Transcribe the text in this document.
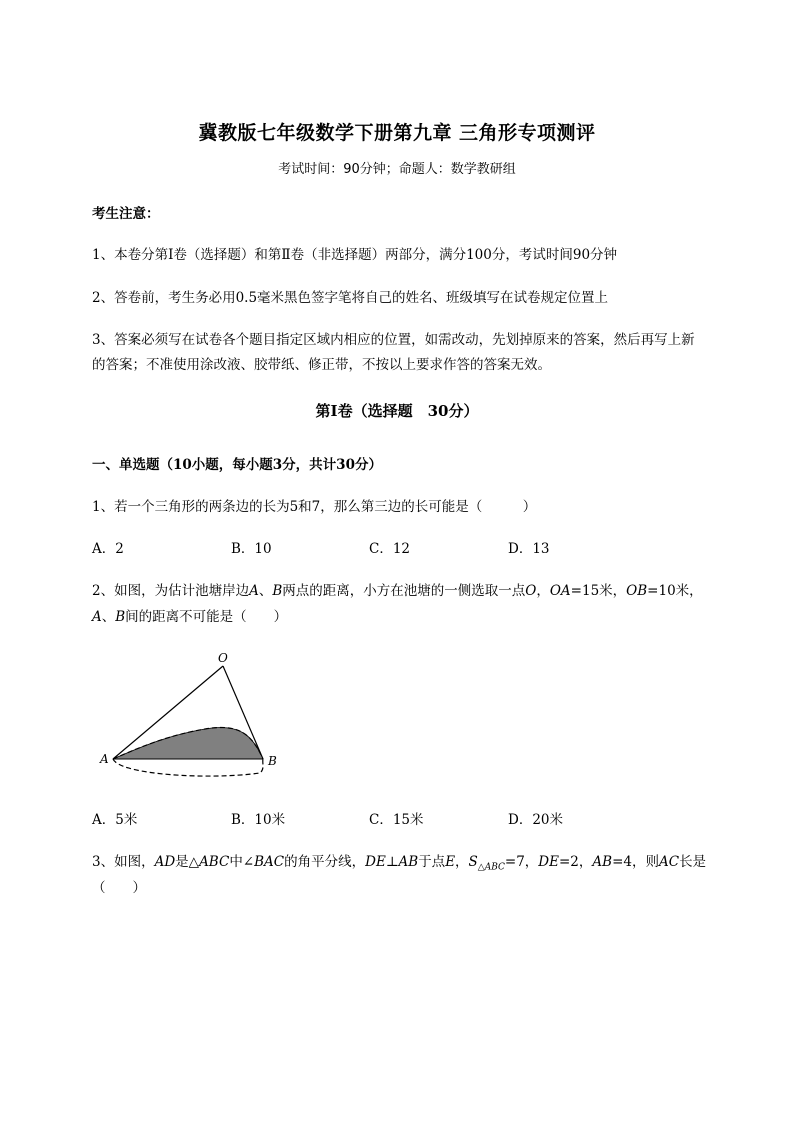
冀教版七年级数学下册第九章 三角形专项测评
考试时间：90分钟；命题人：数学教研组
考生注意：
1、本卷分第I卷（选择题）和第Ⅱ卷（非选择题）两部分，满分100分，考试时间90分钟
2、答卷前，考生务必用0.5毫米黑色签字笔将自己的姓名、班级填写在试卷规定位置上
3、答案必须写在试卷各个题目指定区域内相应的位置，如需改动，先划掉原来的答案，然后再写上新
的答案；不准使用涂改液、胶带纸、修正带，不按以上要求作答的答案无效。
第I卷（选择题　30分）
一、单选题（10小题，每小题3分，共计30分）
1、若一个三角形的两条边的长为5和7，那么第三边的长可能是（　　　）
A．2	B．10	C．12	D．13
2、如图，为估计池塘岸边A、B两点的距离，小方在池塘的一侧选取一点O，OA=15米，OB=10米，
A、B间的距离不可能是（　　）
O
A	B
A．5米	B．10米	C．15米	D．20米
3、如图，AD是△ABC中∠BAC的角平分线，DE⊥AB于点E，$S_{\triangle ABC}=7$，DE=2，AB=4，则AC长是
（　　）
